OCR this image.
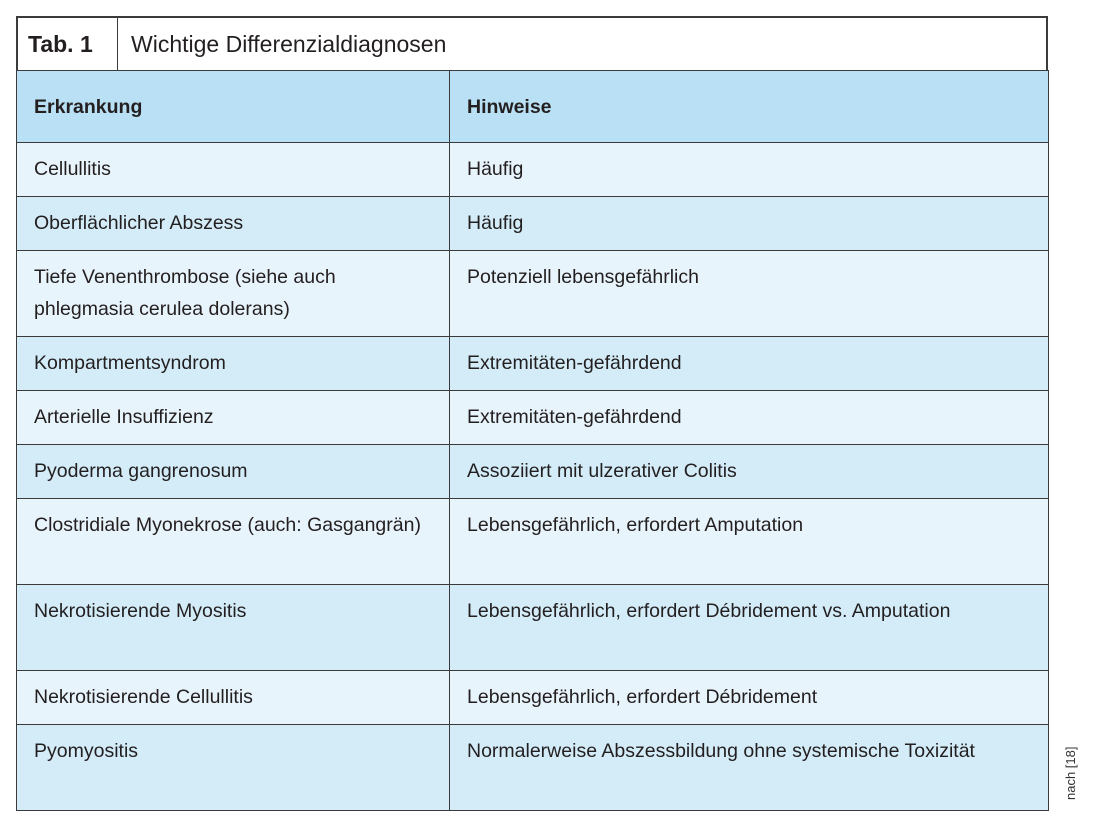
Tab. 1	Wichtige Differenzialdiagnosen
Erkrankung	Hinweise
Cellullitis	Häufig
Oberflächlicher Abszess	Häufig
Tiefe Venenthrombose (siehe auch phlegmasia cerulea dolerans)	Potenziell lebensgefährlich
Kompartmentsyndrom	Extremitäten-gefährdend
Arterielle Insuffizienz	Extremitäten-gefährdend
Pyoderma gangrenosum	Assoziiert mit ulzerativer Colitis
Clostridiale Myonekrose (auch: Gasgangrän)	Lebensgefährlich, erfordert Amputation
Nekrotisierende Myositis	Lebensgefährlich, erfordert Débridement vs. Amputation
Nekrotisierende Cellullitis	Lebensgefährlich, erfordert Débridement
Pyomyositis	Normalerweise Abszessbildung ohne systemische Toxizität	nach [18]
